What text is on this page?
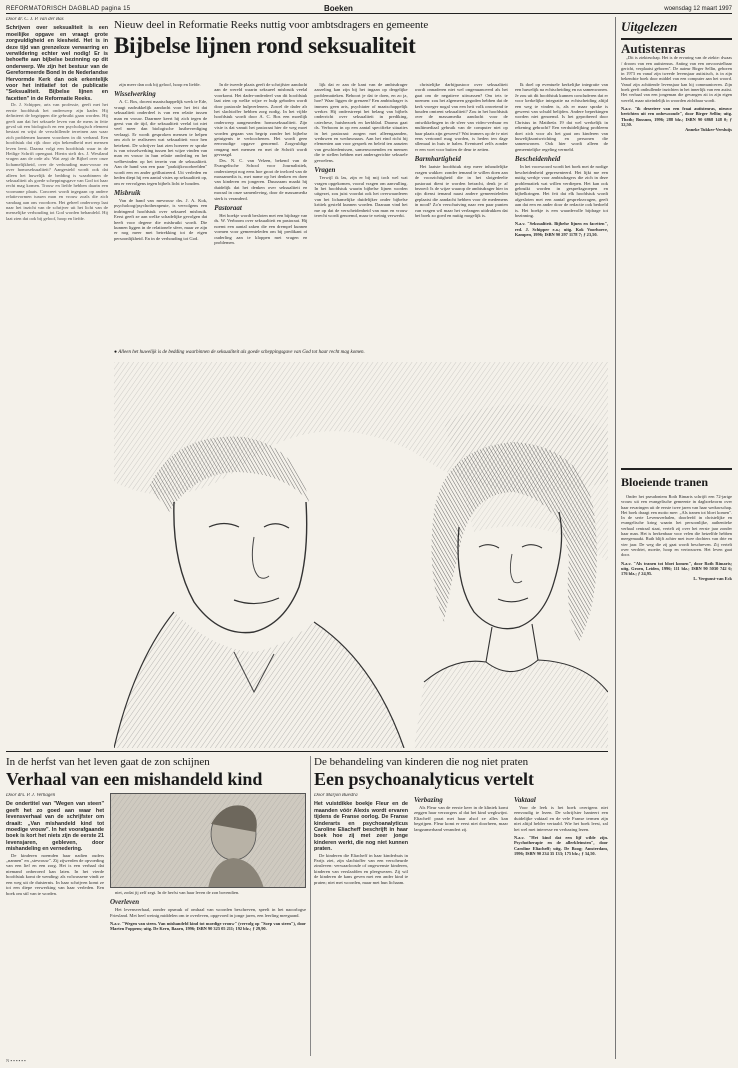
REFORMATORISCH DAGBLAD pagina 15	Boeken	woensdag 12 maart 1997
Door dr. C. J. P. van der Bas
Schrijven over seksualiteit is een moeilijke opgave en vraagt grote zorgvuldigheid en kiesheid. Het is in deze tijd van grenzeloze verwarring en verwildering echter wel nodig! Er is behoefte aan bijbelse bezinning op dit onderwerp. We zijn het bestuur van de Gereformeerde Bond in de Nederlandse Hervormde Kerk dan ook erkentelijk voor het initiatief tot de publicatie "Seksualiteit. Bijbelse lijnen en facetten" in de Reformatie Reeks.

Dr. J. Schipper, arts van professie, geeft met het eerste hoofdstuk het onderwerp zijn kader. Hij definieert de begrippen die gebruikt gaan worden. Hij geeft aan dat het seksuele leven van de mens in feite geval uit een biologisch en een psychologisch element bestaat en wijst de verschillende terreinen aan waar zich problemen kunnen voordoen in dit verband. Een hoofdstuk dat rijk door zijn bekendheid met mensen leven leest. Daarna volgt een hoofdstuk waar in de Heilige Schrift opengaat. Hierin stelt drs. J. Westland vragen aan de orde als: Wat zegt de Bijbel over onze lichamelijkheid, over de verhouding man-vrouw en over homoseksualiteit? Aangesteld wordt ook dat alleen het huwelijk de bedding is waarbinnen de seksualiteit als goede scheppingsgave van God tot haar recht mag komen. Trouw en liefde hebben daarin een voorname plaats. Concreet wordt ingegaan op andere relatievormen tussen man en vrouw zoals die zich vandaag aan ons voordoen. Het geheel onderwerp laat naar het inzicht van de schrijver uit het licht van de menselijke verhouding tot God worden behandeld. Hij laat zien dat ook bij geloof, hoop en liefde.

Nieuw deel in Reformatie Reeks nuttig voor ambtsdragers en gemeente
Bijbelse lijnen rond seksualiteit

zijn meer dan ook bij geloof, hoop en liefde.

Wisselwerking

A. C. Bos, docent maatschappelijk werk te Ede, vraagt nadrukkelijk aandacht voor het feit dat seksualiteit onderdeel is van een relatie tussen man en vrouw. Daarmee keert hij zich tegen de geest van de tijd, die seksualiteit veelal tot niet veel meer dan biologische lustbevrediging verlaagt. Er wordt gesproken mensen te helpen om zich te realiseren wat seksualiteit voor hen betekent. De schrijver laat zien hoezeer er sprake is van wisselwerking tussen het wijze vinden van man en vrouw in hun relatie onderling en het welbevinden op het terrein van de seksualiteit. Aan de hand van een paar "praktijkvoorbeelden" wordt een en ander geïllustreerd. Uit verleden en heden diept hij een aantal visies op seksualiteit op, om er vervolgens tegen bijbels licht te houden.

Misbruik

Van de hand van mevrouw drs. J. A. Kok, psycholoog/psychotherapeute, is vervolgens een indringend hoofdstuk over seksueel misbruik. Eerst geeft ze aan welke schadelijke gevolgen dat heeft voor degene die misbruikt wordt. Die kunnen liggen in de relationele sfeer, maar ze zijn er nog meer met betrekking tot de eigen persoonlijkheid. En in de verhouding tot God.

In de tweede plaats geeft de schrijfster aandacht aan de wereld waarin seksueel misbruik veelal voorkomt. Het dader-onderdeel van dit hoofdstuk laat zien op welke wijze er hulp geboden wordt door pastorale hulpverleners. Zowel de dader als het slachtoffer hebben zorg nodig. In het vijfde hoofdstuk wordt door A. C. Bos een moeilijk onderwerp aangesneden: homoseksualiteit. Zijn visie is dat vanuit het pastoraat hier de weg moet worden gegaan van begrip zonder het bijbelse getuigenis te verloochenen. Het wordt geen eenvoudige opgave genoemd. Zorgvuldige omgang met mensen en met de Schrift wordt gevraagd.

Drs. N. C. van Velzen, bekend van de Evangelische School voor Journalistiek, onderstreept nog eens hoe groot de invloed van de massamedia is, met name op het denken en doen van kinderen en jongeren. Duurzaam maakt hij duidelijk dat het denken over seksualiteit en moraal in onze samenleving, door de massamedia sterk is veranderd.

Pastoraat

Het boekje wordt besloten met een bijdrage van ds. W. Verboom over seksualiteit en pastoraat. Hij noemt een aantal zaken die een drempel kunnen vormen voor gemeenteleden om bij predikant of ouderling aan te kloppen met vragen en problemen.

lijk dat er aan de kant van de ambtsdrager aarzeling kan zijn bij het ingaan op dergelijke problematieken. Behoort je dat te doen, en zo ja, hoe? Waar liggen de grenzen? Een ambtsdrager is immers geen arts, psychiater of maatschappelijk werker. Hij onderstreept het belang van bijbels onderricht over seksualiteit in prediking, catechese, huisbezoek en kerkblad. Daarna gaat ds. Verboom in op een aantal specifieke situaties in het pastoraat: zorgen met alleengaanden, weduwen en weduwnaars. Aan het eind richt hij elementen aan voor gesprek en beleid ten aanzien van geschiedenissen, samenwonenden en mensen die te stellen hebben met andersgerichte seksuele gevoelens.

Vragen

Terwijl ik las, zijn er bij mij toch wel wat vragen opgekomen, vooral vragen om aanvulling. In het hoofdstuk waarin bijbelse lijnen worden uitgezet, zou juist voordat ook het overwaarderen van het lichamelijke duidelijker onder bijbelse kritiek gesteld kunnen worden. Daaraan vind het me op dat de verscheidenheid van man en vrouw terecht wordt genoemd, maar te weinig verwerkt.

christelijke darbijpastoor over seksualiteit wordt onnaderen niet wel ongenuanceerd als het gaat om de negatieve uitwassen? Om iets te noemen: zou het algemeen gegoden hebben dat de kerk vroeger nogal van een heit volk onwetend te houden omtrent seksualiteit? Zou in het hoofdstuk over de massamedia aandacht voor de ontwikkelingen in de sfeer van video-verhuur en multimediaal gebruik van de computer niet op haar plaats zijn geweest? Wat immers op de tv niet eens vertoond mag worden, is heden ten dage allemaal in huis te halen. Eventueel zelfs zonder er een voet voor buiten de deur te zetten.

Barmhartigheid

Het laatste hoofdstuk riep meer inhoudelijke vragen wakker: zonder iemand te willen doen aan de voorzichtigheid die in het slotgedeelte pastoraat dient te worden betracht, denk je af bezoed: Is de wijze waarop de ambtsdrager hier in zijn dienst iemand naast andere gemeenteleden geplaatst die aandacht hebben voor de medemens in nood? Zo'n verschuiving naar een paar punten van vragen wil maar het verlangen uitdrukken dat het boek zo goed en nuttig mogelijk is.

Ik doel op eventuele kerkelijke integratie van een huwelijk na echtscheiding en na samenwonen. Je zou uit dit hoofdstuk kunnen concluderen dat er voor kerkelijke integratie na echtscheiding altijd een weg te vinden is, als er maar sprake is geweest van schuld belijden. Andere beperkingen worden niet genoemd. Is het geprobeerd door Christus in Mattheüs 19 dat wel werkelijk in rekening gebracht? Een verduidelijking probleem doet zich voor als het gaat om kinderen van huwelijksontwrichting en personen die samenwonen. Ook hier wordt alleen de gemeentelijke regeling vermeld.

Bescheidenheid

In het voorwoord wordt het boek met de nodige bescheidenheid gepresenteerd. Het lijkt me een nuttig werkje voor ambtsdragers die zich in deze problematiek wat willen verdiepen. Het kan ook gebruikt worden in gespreksgroepen en bijbelkringen. Het feit dat elk hoofdstuk wordt afgesloten met een aantal gespreksvragen, geeft aan dat een en ander door de redactie ook bedoeld is. Het boekje is een waardevolle bijdrage tot bezinning.

N.a.v. "Seksualiteit. Bijbelse lijnen en facetten", red. J. Schipper e.a.; uitg. Kok Voorhoeve, Kampen, 1996; ISBN 90 297 1178 7; ƒ 23,50.
● Alleen het huwelijk is de bedding waarbinnen de seksualiteit als goede scheppingsgave van God tot haar recht mag komen.
Uitgelezen
Autistenras

„Dit is ziekteschap. Het is de ervaring van de ziekte: dwaas / droom van een autistenras. Anting van een onvoorstelbaar gericht, verplaatst geboren". De auteur Birger Sellin, geboren in 1973 en vanaf zijn tweede levensjaar autistisch, is in zijn bekendste boek door middel van een computer aan het woord. Vanaf zijn achttiende levensjaar kan hij communiceren. Zijn boek geeft onthullende inzichten in het innerlijk van een autist. Het verhaal van een jongeman die gevangen zit in zijn eigen wereld, maar uiteindelijk in woorden zichtbaar wordt.

N.a.v. "ik deserieer van een fraai autistenras, nieuwe berichten uit een onbewoonde", door Birger Sellin; uitg. Thoth; Bussum, 1996; 288 blz.; ISBN 90 6868 148 0; ƒ 32,50.
Anneke Tukker-Versluijs
Bloeiende tranen

Onder het pseudoniem Roth Rimaris schrijft een 72-jarige vrouw uit een evangelische gemeente in dagboekvorm over haar ervaringen uit de eerste twee jaren van haar weduwschap. Het boek draagt een motto mee: „Als tranen tot bloei komen". In de serie Levensverhalen, doorleefd in christelijke en evangelische kring waarin het persoonlijke, authentieke verhaal centraal staat, vertelt zij over het eerste jaar zonder haar man. Het is herkenbaar voor velen die hetzelfde hebben meegemaakt. Ruth blijft achter met twee dochters van drie en vier jaar. De weg die zij gaat wordt beschreven. Zij vertelt over verdriet, moeite, hoop en vertrouwen. Het leven gaat door.

N.a.v. "Als tranen tot bloei komen", door Roth Rimaris; uitg. Groen, Leiden, 1996; 111 blz.; ISBN 90 5030 742 6; 176 blz.; ƒ 24,95.
L. Vergunst-van Eck
In de herfst van het leven gaat de zon schijnen
Verhaal van een mishandeld kind
Door drs. P. J. Verhagen
De ondertitel van "Wegen van steen" geeft het zo goed aan waar het levensverhaal van de schrijfster om draait: „Van mishandeld kind tot moedige vrouw". In het voorafgaande boek is kort het niets zijn de eerste 21 levensjaren, gebleven, door mishandeling en vernedering.

De kinderen noemden haar nadien ouders „nannen" en „stevrouw". Zij zijwerden de opvoeding van een lief en een zorg. Het is een verhaal dat niemand onberoerd kan laten. In het vierde hoofdstuk komt de wending: als volwassene vindt ze een weg uit de duisternis. In haar schrijven komt ze tot een diepe verwerking van haar verleden. Een boek om stil van te worden.	niet, zodat jij zelf zegt. In de herfst van haar leven de zon bovendien.

Overleven

Het levensverhaal, zonder opsmuk of omhaal van woorden beschreven, speelt in het naoorlogse Friesland. Met heel weinig middelen om te overleven, opgevoed in jonge jaren, een leerling meegaand.

N.a.v. "Wegen van steen. Van mishandeld kind tot moedige vrouw" (vervolg op "Soep van steen"), door Marten Foppens; uitg. De Kern, Baarn, 1996; ISBN 90 325 05 211; 192 blz.; ƒ 29,90.
De behandeling van kinderen die nog niet praten
Een psychoanalyticus vertelt
Door Marjon Buestra
Het vuistdikke boekje Fleur en de maanden vóór Alexis wordt ervaren tijdens de Franse oorlog. De Franse kinderarts en psychoanalyticus Caroline Eliacheff beschrijft in haar boek hoe zij met zeer jonge kinderen werkt, die nog niet kunnen praten.

De kinderen die Eliacheff in haar kinderhuis in Parijs ziet, zijn slachtoffer van een verscheurde zinsleven: verwaarloosde of ongewenste kinderen, kinderen van verslaafden en pleegwezen. Zij wil de kinderen de kans geven met een ander kind te praten; niet met woorden, maar met hun lichaam.

Verbazing

Als Fleur van de eerste keer in de kliniek komt zeggen haar verzorgers al dat het kind wegkwijnt. Eliacheff praat met haar alsof ze alles kan begrijpen. Fleur komt er eerst niet doorheen, maar langzamerhand verandert zij.

Vaktaal

Voor de leek is het boek overigens niet eenvoudig te lezen. De schrijfster hanteert een duidelijke vaktaal en de vele Franse termen zijn niet altijd helder vertaald. Wie het boek leest, zal het wel met interesse en verbazing lezen.

N.a.v. "Het kind dat een lijf wilde zijn. Psychotherapie en de allerkleinsten", door Caroline Eliacheff; uitg. De Boog; Amsterdam, 1996; ISBN 90 234 35 133; 175 blz.; ƒ 34,50.
N ▪ ▪ ▪ ▪ ▪ ▪
